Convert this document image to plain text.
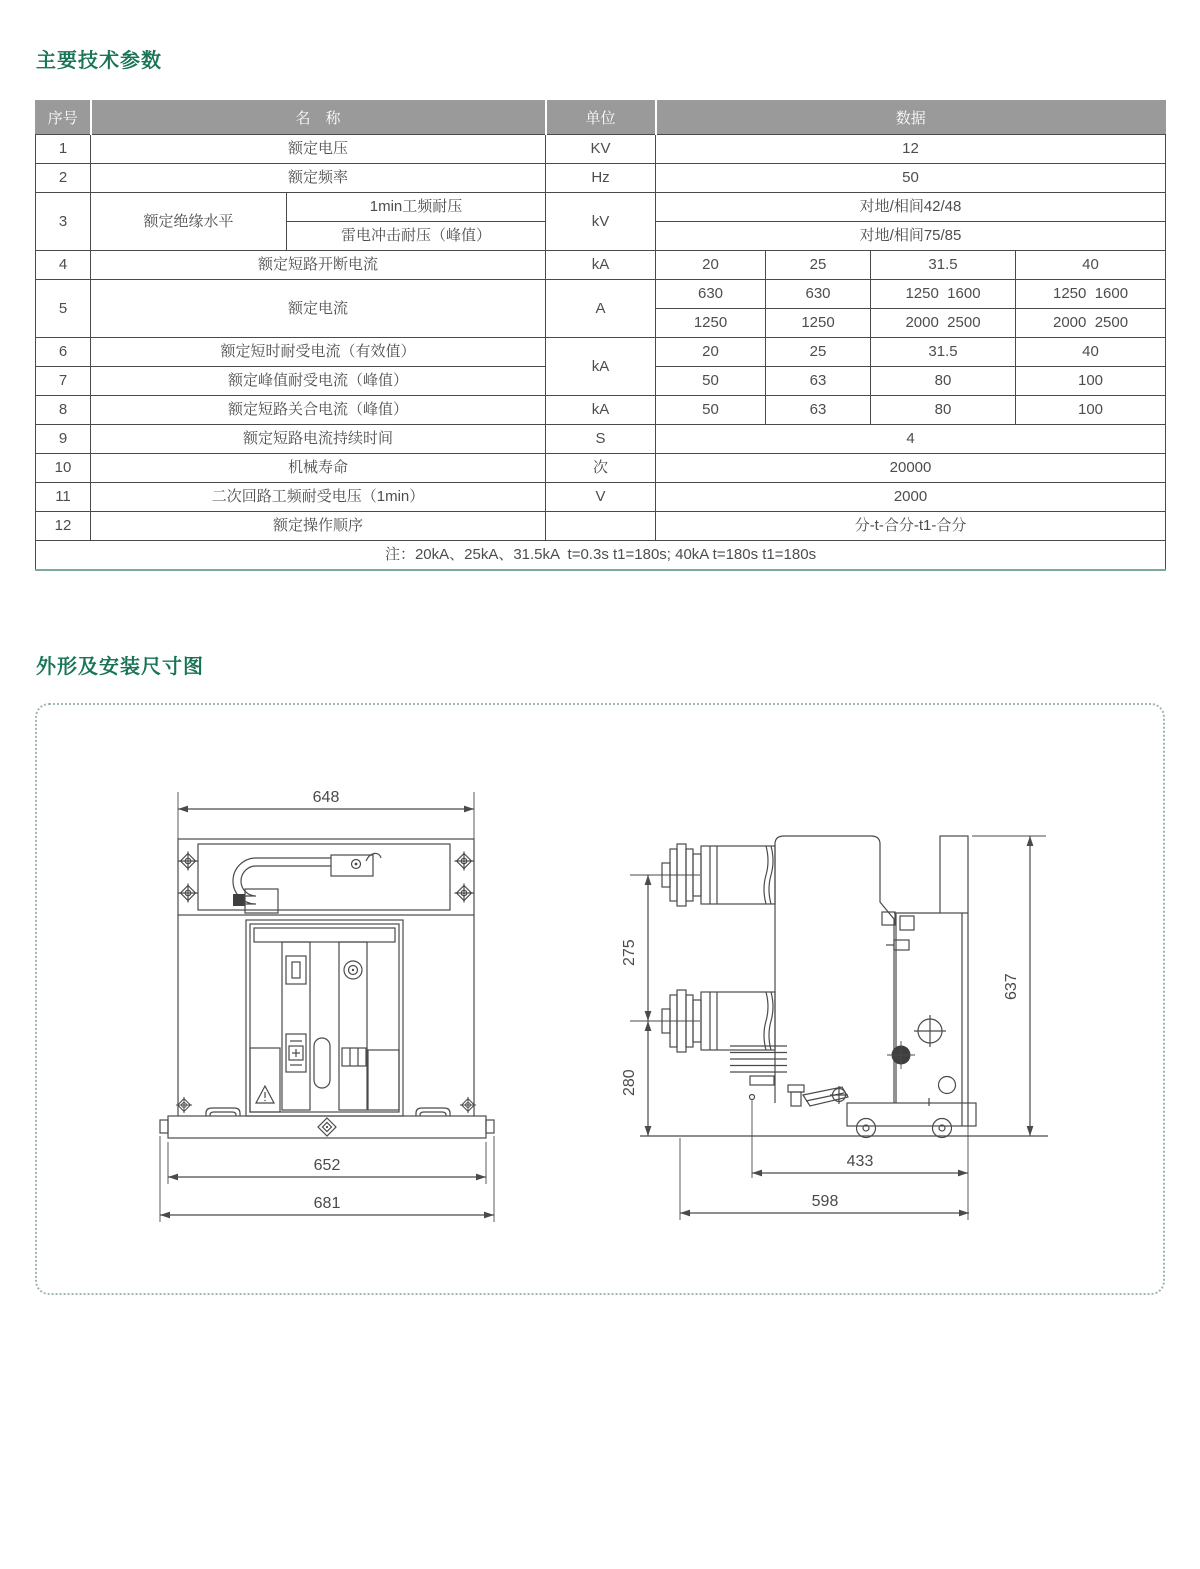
主要技术参数
序号	名　称		单位	数据			
1	额定电压		KV	12			
2	额定频率		Hz	50			
3	额定绝缘水平	1min工频耐压	kV	对地/相间42/48			
		雷电冲击耐压（峰值）		对地/相间75/85			
4	额定短路开断电流		kA	20	25	31.5	40
5	额定电流		A	630	630	1250  1600	1250  1600
				1250	1250	2000  2500	2000  2500
6	额定短时耐受电流（有效值）		kA	20	25	31.5	40
7	额定峰值耐受电流（峰值）			50	63	80	100
8	额定短路关合电流（峰值）		kA	50	63	80	100
9	额定短路电流持续时间		S	4			
10	机械寿命		次	20000			
11	二次回路工频耐受电压（1min）		V	2000			
12	额定操作顺序			分-t-合分-t1-合分			
注：20kA、25kA、31.5kA  t=0.3s t1=180s; 40kA t=180s t1=180s							
外形及安装尺寸图
648
652
681
275
280
637
433
598
